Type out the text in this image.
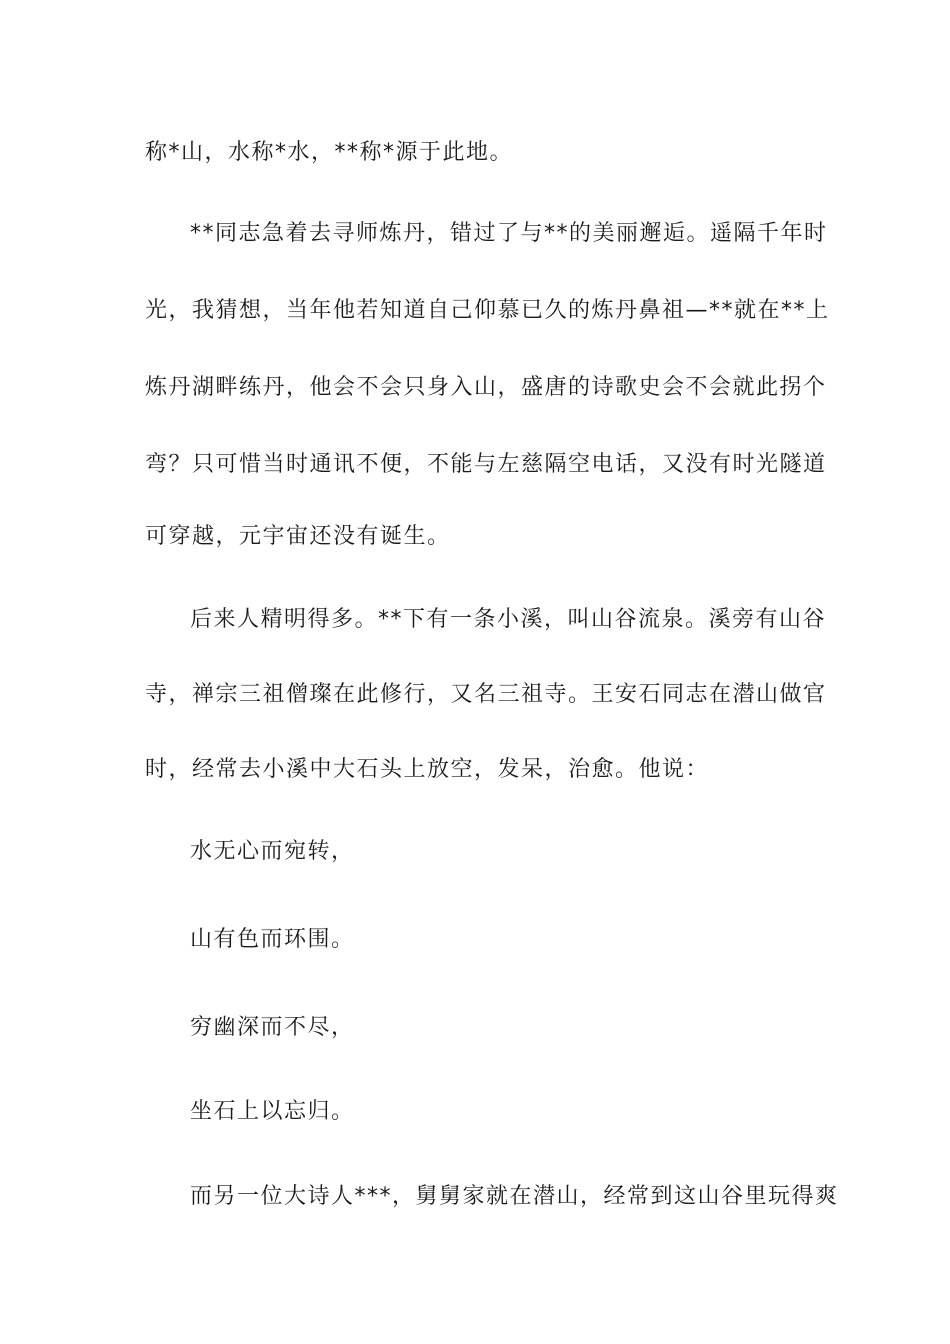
称*山，水称*水，**称*源于此地。
**同志急着去寻师炼丹，错过了与**的美丽邂逅。遥隔千年时
光，我猜想，当年他若知道自己仰慕已久的炼丹鼻祖—**就在**上
炼丹湖畔练丹，他会不会只身入山，盛唐的诗歌史会不会就此拐个
弯？只可惜当时通讯不便，不能与左慈隔空电话，又没有时光隧道
可穿越，元宇宙还没有诞生。
后来人精明得多。**下有一条小溪，叫山谷流泉。溪旁有山谷
寺，禅宗三祖僧璨在此修行，又名三祖寺。王安石同志在潜山做官
时，经常去小溪中大石头上放空，发呆，治愈。他说：
水无心而宛转，
山有色而环围。
穷幽深而不尽，
坐石上以忘归。
而另一位大诗人***，舅舅家就在潜山，经常到这山谷里玩得爽
